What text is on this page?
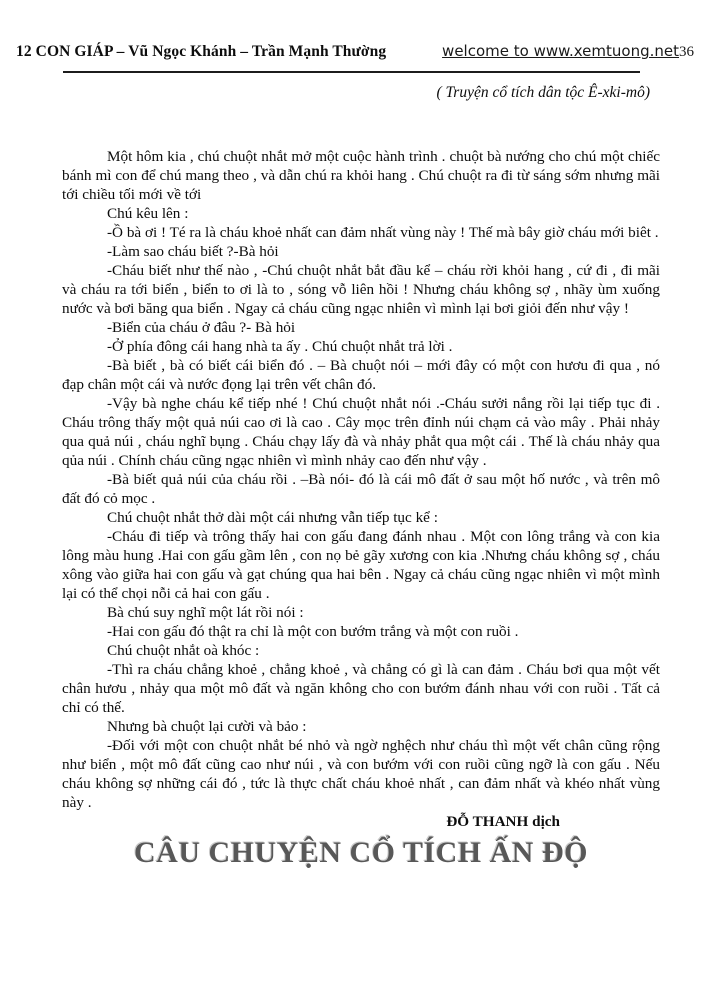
12 CON GIÁP – Vũ Ngọc Khánh – Trần Mạnh Thường	welcome to www.xemtuong.net 36
( Truyện cổ tích dân tộc Ê-xki-mô)

Một hôm kia , chú chuột nhắt mở một cuộc hành trình . chuột bà nướng cho chú một chiếc bánh mì con để chú mang theo , và dẫn chú ra khỏi hang . Chú chuột ra đi từ sáng sớm nhưng mãi tới chiều tối mới về tới

Chú kêu lên :

-Ồ bà ơi ! Té ra là cháu khoẻ nhất can đảm nhất vùng này ! Thế mà bây giờ cháu mới biêt .

-Làm sao cháu biết ?-Bà hỏi

-Cháu biết như thế nào , -Chú chuột nhắt bắt đầu kể – cháu rời khỏi hang , cứ đi , đi mãi và cháu ra tới biển , biển to ơi là to , sóng vỗ liên hồi ! Nhưng cháu không sợ , nhãy ùm xuống nước và bơi băng qua biển . Ngay cả cháu cũng ngạc nhiên vì mình lại bơi giỏi đến như vậy !

-Biển của cháu ở đâu ?- Bà hỏi

-Ở phía đông cái hang nhà ta ấy . Chú chuột nhắt trả lời .

-Bà biết , bà có biết cái biển đó . – Bà chuột nói – mới đây có một con hươu đi qua , nó đạp chân một cái và nước đọng lại trên vết chân đó.

-Vậy bà nghe cháu kể tiếp nhé ! Chú chuột nhắt nói .-Cháu sưởi nắng rồi lại tiếp tục đi . Cháu trông thấy một quả núi cao ơi là cao . Cây mọc trên đỉnh núi chạm cả vào mây . Phải nhảy qua quả núi , cháu nghĩ bụng . Cháu chạy lấy đà và nhảy phắt qua một cái . Thế là cháu nhảy qua qủa núi . Chính cháu cũng ngạc nhiên vì mình nhảy cao đến như vậy .

-Bà biết quả núi của cháu rồi . –Bà nói- đó là cái mô đất ở sau một hố nước , và trên mô đất đó cỏ mọc .

Chú chuột nhắt thở dài một cái nhưng vẫn tiếp tục kể :

-Cháu đi tiếp và trông thấy hai con gấu đang đánh nhau . Một con lông trắng và con kia lông màu hung .Hai con gấu gầm lên , con nọ bẻ gãy xương con kia .Nhưng cháu không sợ , cháu xông vào giữa hai con gấu và gạt chúng qua hai bên . Ngay cả cháu cũng ngạc nhiên vì một mình lại có thể chọi nỗi cả hai con gấu .

Bà chú suy nghĩ một lát rồi nói :

-Hai con gấu đó thật ra chỉ là một con bướm trắng và một con ruồi .

Chú chuột nhắt oà khóc :

-Thì ra cháu chẳng khoẻ , chẳng khoẻ , và chẳng có gì là can đảm . Cháu bơi qua một vết chân hươu , nhảy qua một mô đất và ngăn không cho con bướm đánh nhau với con ruồi . Tất cả chỉ có thế.

Nhưng bà chuột lại cười và bảo :

-Đối với một con chuột nhắt bé nhỏ và ngờ nghệch như cháu thì một vết chân cũng rộng như biển , một mô đất cũng cao như núi , và con bướm với con ruồi cũng ngỡ là con gấu . Nếu cháu không sợ những cái đó , tức là thực chất cháu khoẻ nhất , can đảm nhất và khéo nhất vùng này .

ĐỖ THANH dịch

CÂU CHUYỆN CỔ TÍCH ẤN ĐỘ
